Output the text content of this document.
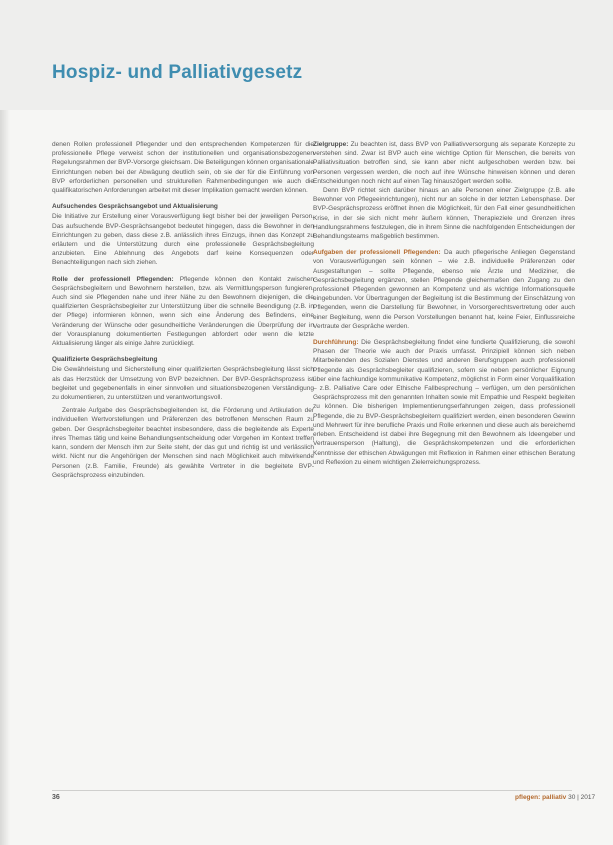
Hospiz- und Palliativgesetz

denen Rollen professionell Pflegender und den entsprechenden Kompetenzen für die professionelle Pflege verweist schon der institutionellen und organisationsbezogenen Regelungsrahmen der BVP-Vorsorge gleichsam. Die Beteiligungen können organisationale Einrichtungen neben bei der Abwägung deutlich sein, ob sie der für die Einführung von BVP erforderlichen personellen und strukturellen Rahmenbedingungen wie auch die qualifikatorischen Anforderungen arbeitet mit dieser Implikation gemacht werden können.

Aufsuchendes Gesprächsangebot und Aktualisierung
Die Initiative zur Erstellung einer Vorausverfügung liegt bisher bei der jeweiligen Person. Das aufsuchende BVP-Gesprächsangebot bedeutet hingegen, dass die Bewohner in den Einrichtungen zu geben, dass diese z.B. anlässlich ihres Einzugs, ihnen das Konzept zu erläutern und die Unterstützung durch eine professionelle Gesprächsbegleitung anzubieten. Eine Ablehnung des Angebots darf keine Konsequenzen oder Benachteiligungen nach sich ziehen.

Rolle der professionell Pflegenden: Pflegende können den Kontakt zwischen Gesprächsbegleitern und Bewohnern herstellen, bzw. als Vermittlungsperson fungieren. Auch sind sie Pflegenden nahe und ihrer Nähe zu den Bewohnern diejenigen, die die qualifizierten Gesprächsbegleiter zur Unterstützung über die schnelle Beendigung (z.B. in der Pflege) informieren können, wenn sich eine Änderung des Befindens, eine Veränderung der Wünsche oder gesundheitliche Veränderungen die Überprüfung der in der Vorausplanung dokumentierten Festlegungen abfordert oder wenn die letzte Aktualisierung länger als einige Jahre zurückliegt.

Qualifizierte Gesprächsbegleitung
Die Gewährleistung und Sicherstellung einer qualifizierten Gesprächsbegleitung lässt sich als das Herzstück der Umsetzung von BVP bezeichnen. Der BVP-Gesprächsprozess ist begleitet und gegebenenfalls in einer sinnvollen und situationsbezogenen Verständigung zu dokumentieren, zu unterstützen und verantwortungsvoll.

Zentrale Aufgabe des Gesprächsbegleitenden ist, die Förderung und Artikulation der individuellen Wertvorstellungen und Präferenzen des betroffenen Menschen Raum zu geben. Der Gesprächsbegleiter beachtet insbesondere, dass die begleitende als Experte ihres Themas tätig und keine Behandlungsentscheidung oder Vorgehen im Kontext treffen kann, sondern der Mensch ihm zur Seite steht, der das gut und richtig ist und verlässlich wirkt. Nicht nur die Angehörigen der Menschen sind nach Möglichkeit auch mitwirkende Personen (z.B. Familie, Freunde) als gewählte Vertreter in die begleitete BVP-Gesprächsprozess einzubinden.

Zielgruppe: Zu beachten ist, dass BVP von Palliativversorgung als separate Konzepte zu verstehen sind. Zwar ist BVP auch eine wichtige Option für Menschen, die bereits von Palliativsituation betroffen sind, sie kann aber nicht aufgeschoben werden bzw. bei Personen vergessen werden, die noch auf ihre Wünsche hinweisen können und deren Entscheidungen noch nicht auf einen Tag hinauszögert werden sollte.

Denn BVP richtet sich darüber hinaus an alle Personen einer Zielgruppe (z.B. alle Bewohner von Pflegeeinrichtungen), nicht nur an solche in der letzten Lebensphase. Der BVP-Gesprächsprozess eröffnet ihnen die Möglichkeit, für den Fall einer gesundheitlichen Krise, in der sie sich nicht mehr äußern können, Therapieziele und Grenzen ihres Handlungsrahmens festzulegen, die in ihrem Sinne die nachfolgenden Entscheidungen der Behandlungsteams maßgeblich bestimmen.

Aufgaben der professionell Pflegenden: Da auch pflegerische Anliegen Gegenstand von Vorausverfügungen sein können – wie z.B. individuelle Präferenzen oder Ausgestaltungen – sollte Pflegende, ebenso wie Ärzte und Mediziner, die Gesprächsbegleitung ergänzen, stellen Pflegende gleichermaßen den Zugang zu den professionell Pflegenden gewonnen an Kompetenz und als wichtige Informationsquelle eingebunden. Vor Übertragungen der Begleitung ist die Bestimmung der Einschätzung von Pflegenden, wenn die Darstellung für Bewohner, in Vorsorgerechtsvertretung oder auch einer Begleitung, wenn die Person Vorstellungen benannt hat, keine Feier, Einflussreiche Vertraute der Gespräche werden.

Durchführung: Die Gesprächsbegleitung findet eine fundierte Qualifizierung, die sowohl Phasen der Theorie wie auch der Praxis umfasst. Prinzipiell können sich neben Mitarbeitenden des Sozialen Dienstes und anderen Berufsgruppen auch professionell Pflegende als Gesprächsbegleiter qualifizieren, sofern sie neben persönlicher Eignung über eine fachkundige kommunikative Kompetenz, möglichst in Form einer Vorqualifikation – z.B. Palliative Care oder Ethische Fallbesprechung – verfügen, um den persönlichen Gesprächsprozess mit den genannten Inhalten sowie mit Empathie und Respekt begleiten zu können. Die bisherigen Implementierungserfahrungen zeigen, dass professionell Pflegende, die zu BVP-Gesprächsbegleitern qualifiziert werden, einen besonderen Gewinn und Mehrwert für ihre berufliche Praxis und Rolle erkennen und diese auch als bereichernd erleben. Entscheidend ist dabei ihre Begegnung mit den Bewohnern als Ideengeber und Vertrauensperson (Haltung), die Gesprächskompetenzen und die erforderlichen Kenntnisse der ethischen Abwägungen mit Reflexion in Rahmen einer ethischen Beratung und Reflexion zu einem wichtigen Zielerreichungsprozess.

36	pflegen: palliativ 30 | 2017
